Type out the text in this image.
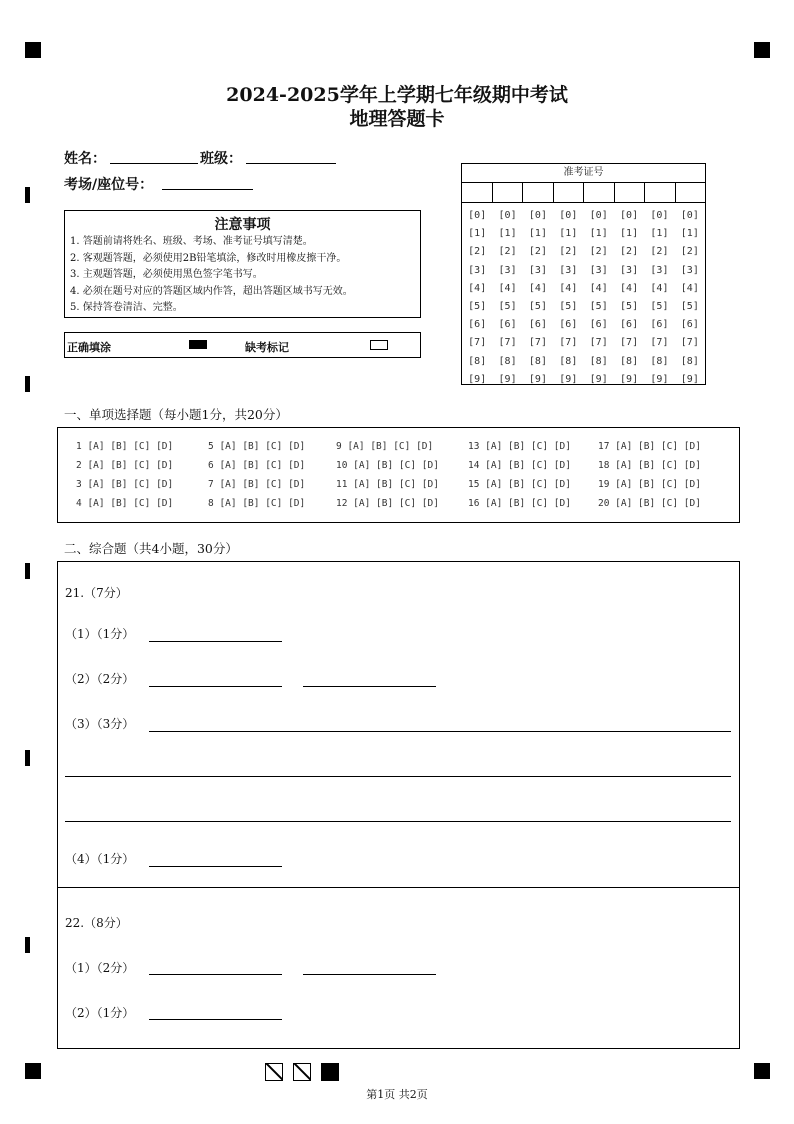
2024-2025学年上学期七年级期中考试
地理答题卡
姓名：	班级：
考场/座位号：
注意事项
1. 答题前请将姓名、班级、考场、准考证号填写清楚。
2. 客观题答题，必须使用2B铅笔填涂，修改时用橡皮擦干净。
3. 主观题答题，必须使用黑色签字笔书写。
4. 必须在题号对应的答题区域内作答，超出答题区域书写无效。
5. 保持答卷清洁、完整。
正确填涂	缺考标记
准考证号
[0]
[1]
[2]
[3]
[4]
[5]
[6]
[7]
[8]
[9]
[0]
[1]
[2]
[3]
[4]
[5]
[6]
[7]
[8]
[9]
[0]
[1]
[2]
[3]
[4]
[5]
[6]
[7]
[8]
[9]
[0]
[1]
[2]
[3]
[4]
[5]
[6]
[7]
[8]
[9]
[0]
[1]
[2]
[3]
[4]
[5]
[6]
[7]
[8]
[9]
[0]
[1]
[2]
[3]
[4]
[5]
[6]
[7]
[8]
[9]
[0]
[1]
[2]
[3]
[4]
[5]
[6]
[7]
[8]
[9]
[0]
[1]
[2]
[3]
[4]
[5]
[6]
[7]
[8]
[9]
一、单项选择题（每小题1分，共20分）
1 [A] [B] [C] [D]
2 [A] [B] [C] [D]
3 [A] [B] [C] [D]
4 [A] [B] [C] [D]
5 [A] [B] [C] [D]
6 [A] [B] [C] [D]
7 [A] [B] [C] [D]
8 [A] [B] [C] [D]
9 [A] [B] [C] [D]
10 [A] [B] [C] [D]
11 [A] [B] [C] [D]
12 [A] [B] [C] [D]
13 [A] [B] [C] [D]
14 [A] [B] [C] [D]
15 [A] [B] [C] [D]
16 [A] [B] [C] [D]
17 [A] [B] [C] [D]
18 [A] [B] [C] [D]
19 [A] [B] [C] [D]
20 [A] [B] [C] [D]
二、综合题（共4小题，30分）
21.（7分）
（1）（1分）
（2）（2分）
（3）（3分）
（4）（1分）
22.（8分）
（1）（2分）
（2）（1分）
第1页 共2页
